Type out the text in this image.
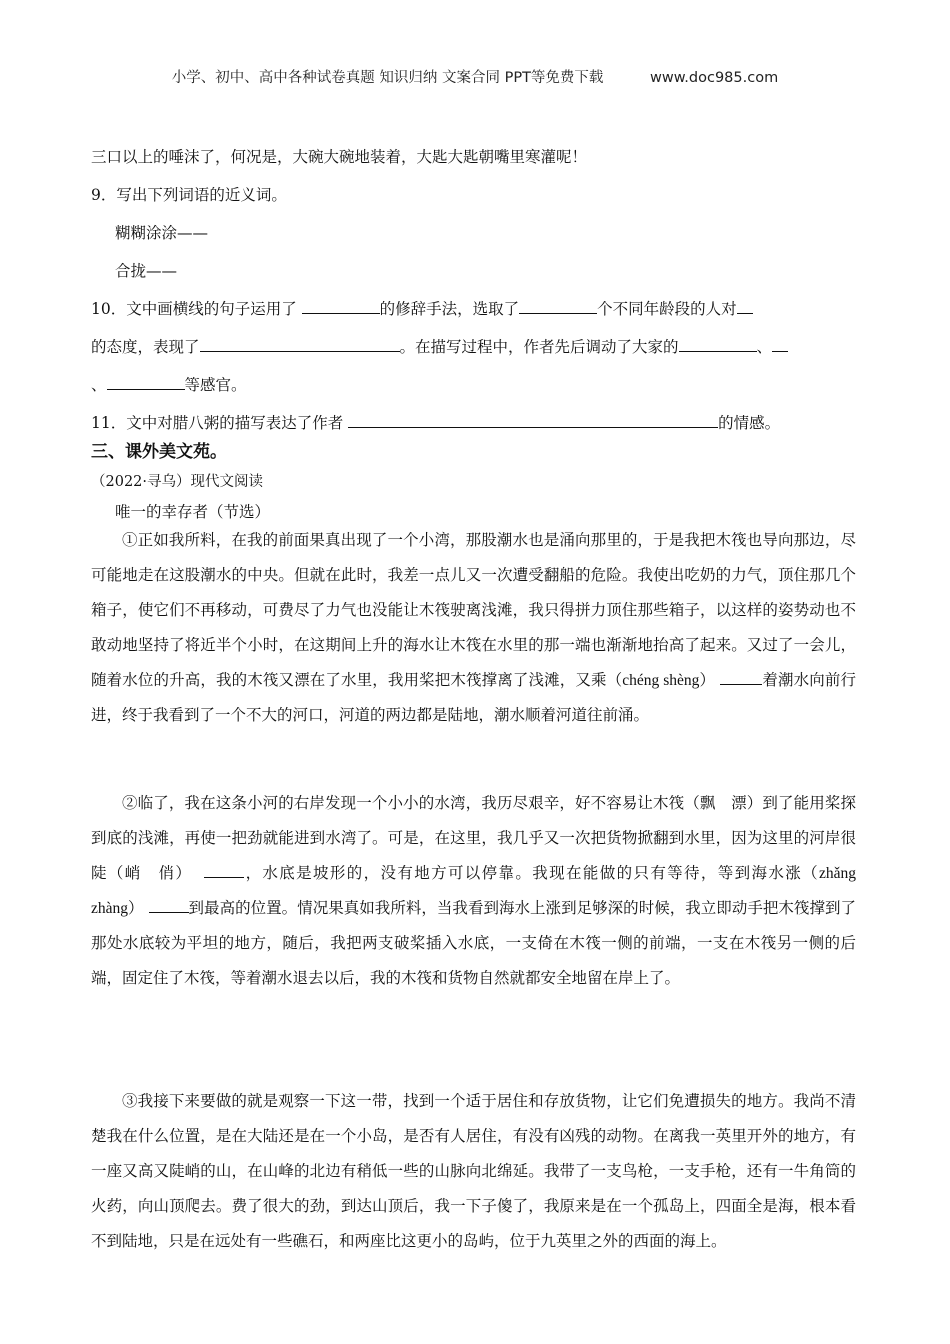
小学、初中、高中各种试卷真题 知识归纳 文案合同 PPT等免费下载	www.doc985.com
三口以上的唾沫了，何况是，大碗大碗地装着，大匙大匙朝嘴里寒灌呢！
9．写出下列词语的近义词。
糊糊涂涂——
合拢——
10．文中画横线的句子运用了	的修辞手法，选取了	个不同年龄段的人对
的态度，表现了	。在描写过程中，作者先后调动了大家的	、
、	等感官。
11．文中对腊八粥的描写表达了作者	的情感。
三、课外美文苑。
（2022·寻乌）现代文阅读
唯一的幸存者（节选）
①正如我所料，在我的前面果真出现了一个小湾，那股潮水也是涌向那里的，于是我把木筏也导向那边，尽可能地走在这股潮水的中央。但就在此时，我差一点儿又一次遭受翻船的危险。我使出吃奶的力气，顶住那几个箱子，使它们不再移动，可费尽了力气也没能让木筏驶离浅滩，我只得拼力顶住那些箱子，以这样的姿势动也不敢动地坚持了将近半个小时，在这期间上升的海水让木筏在水里的那一端也渐渐地抬高了起来。又过了一会儿，随着水位的升高，我的木筏又漂在了水里，我用桨把木筏撑离了浅滩，又乘（chéng shèng）	着潮水向前行进，终于我看到了一个不大的河口，河道的两边都是陆地，潮水顺着河道往前涌。
②临了，我在这条小河的右岸发现一个小小的水湾，我历尽艰辛，好不容易让木筏（飘　漂）到了能用桨探到底的浅滩，再使一把劲就能进到水湾了。可是，在这里，我几乎又一次把货物掀翻到水里，因为这里的河岸很陡（峭　俏）	，水底是坡形的，没有地方可以停靠。我现在能做的只有等待，等到海水涨（zhǎng zhàng）	到最高的位置。情况果真如我所料，当我看到海水上涨到足够深的时候，我立即动手把木筏撑到了那处水底较为平坦的地方，随后，我把两支破桨插入水底，一支倚在木筏一侧的前端，一支在木筏另一侧的后端，固定住了木筏，等着潮水退去以后，我的木筏和货物自然就都安全地留在岸上了。
③我接下来要做的就是观察一下这一带，找到一个适于居住和存放货物，让它们免遭损失的地方。我尚不清楚我在什么位置，是在大陆还是在一个小岛，是否有人居住，有没有凶残的动物。在离我一英里开外的地方，有一座又高又陡峭的山，在山峰的北边有稍低一些的山脉向北绵延。我带了一支鸟枪，一支手枪，还有一牛角筒的火药，向山顶爬去。费了很大的劲，到达山顶后，我一下子傻了，我原来是在一个孤岛上，四面全是海，根本看不到陆地，只是在远处有一些礁石，和两座比这更小的岛屿，位于九英里之外的西面的海上。
